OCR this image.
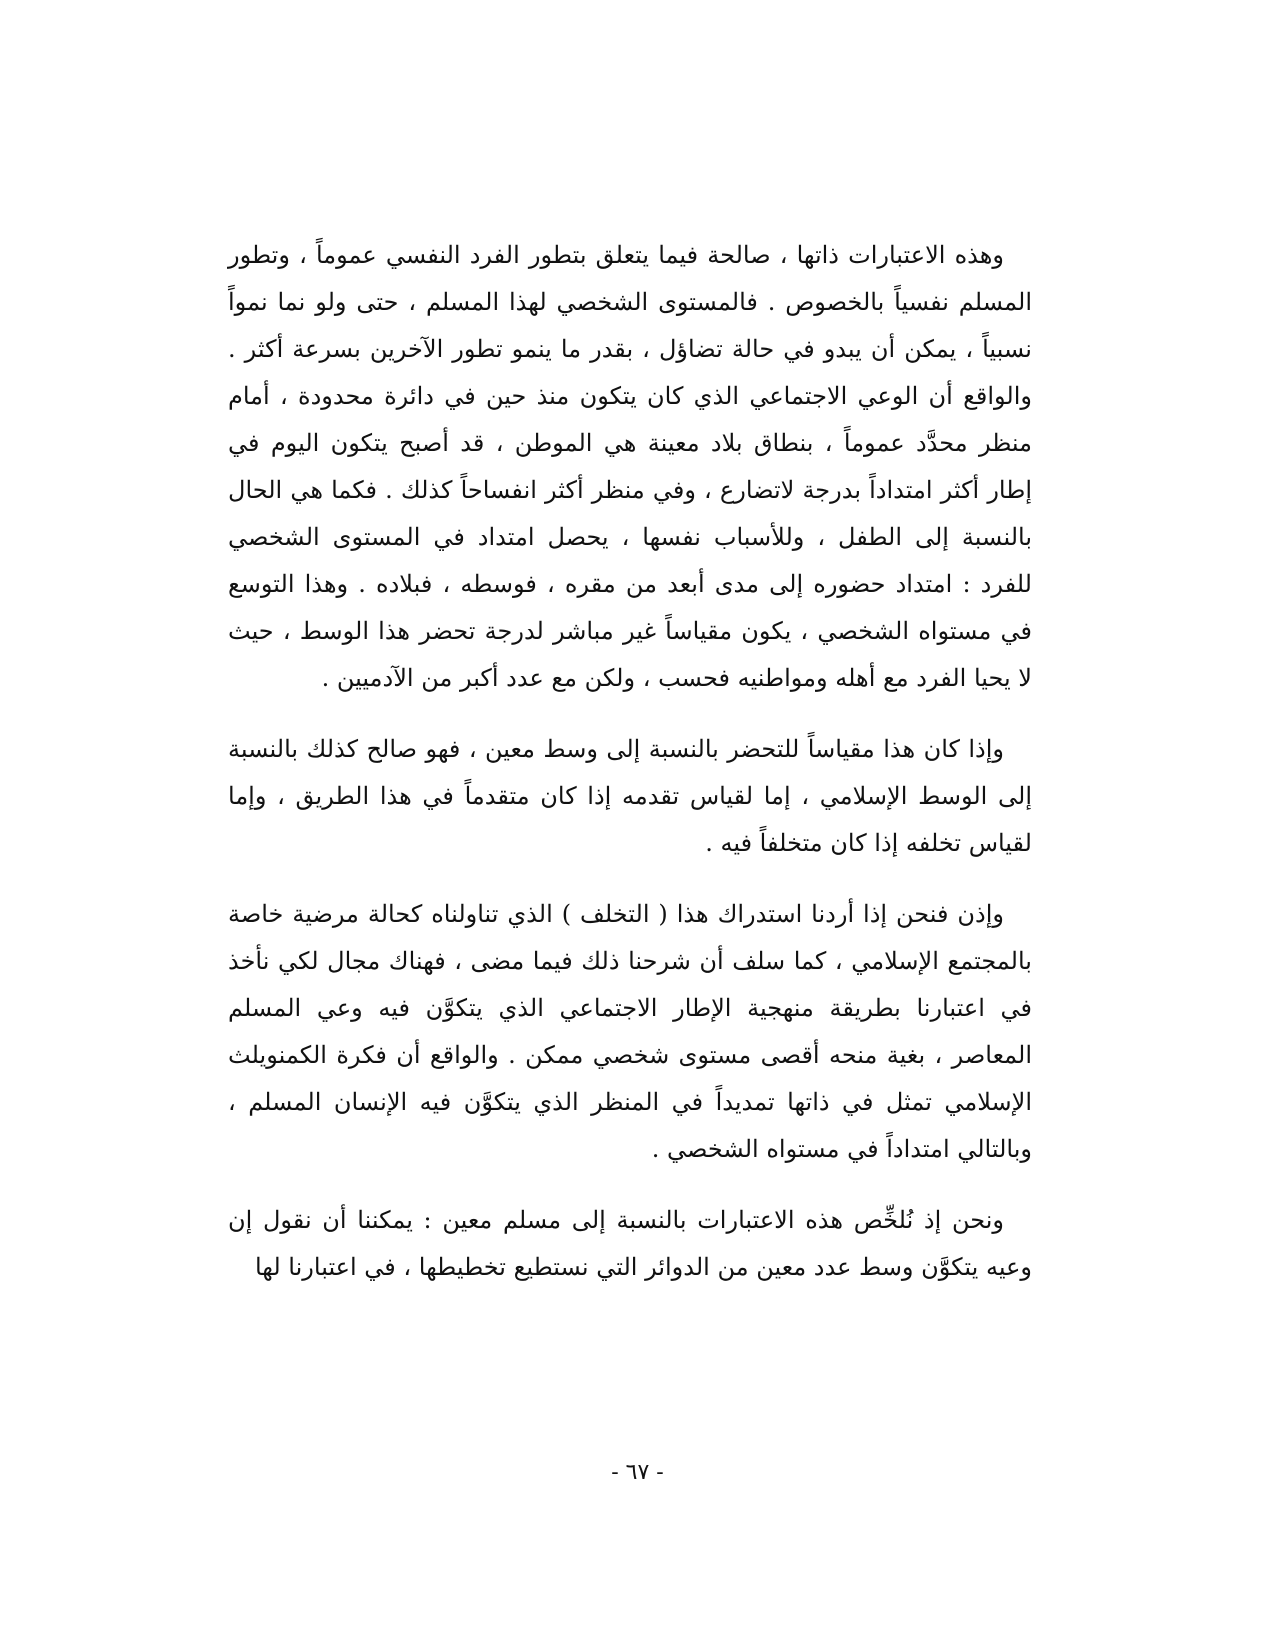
وهذه الاعتبارات ذاتها ، صالحة فيما يتعلق بتطور الفرد النفسي عموماً ، وتطور المسلم نفسياً بالخصوص . فالمستوى الشخصي لهذا المسلم ، حتى ولو نما نمواً نسبياً ، يمكن أن يبدو في حالة تضاؤل ، بقدر ما ينمو تطور الآخرين بسرعة أكثر . والواقع أن الوعي الاجتماعي الذي كان يتكون منذ حين في دائرة محدودة ، أمام منظر محدَّد عموماً ، بنطاق بلاد معينة هي الموطن ، قد أصبح يتكون اليوم في إطار أكثر امتداداً بدرجة لاتضارع ، وفي منظر أكثر انفساحاً كذلك . فكما هي الحال بالنسبة إلى الطفل ، وللأسباب نفسها ، يحصل امتداد في المستوى الشخصي للفرد : امتداد حضوره إلى مدى أبعد من مقره ، فوسطه ، فبلاده . وهذا التوسع في مستواه الشخصي ، يكون مقياساً غير مباشر لدرجة تحضر هذا الوسط ، حيث لا يحيا الفرد مع أهله ومواطنيه فحسب ، ولكن مع عدد أكبر من الآدميين .

وإذا كان هذا مقياساً للتحضر بالنسبة إلى وسط معين ، فهو صالح كذلك بالنسبة إلى الوسط الإسلامي ، إما لقياس تقدمه إذا كان متقدماً في هذا الطريق ، وإما لقياس تخلفه إذا كان متخلفاً فيه .

وإذن فنحن إذا أردنا استدراك هذا ( التخلف ) الذي تناولناه كحالة مرضية خاصة بالمجتمع الإسلامي ، كما سلف أن شرحنا ذلك فيما مضى ، فهناك مجال لكي نأخذ في اعتبارنا بطريقة منهجية الإطار الاجتماعي الذي يتكوَّن فيه وعي المسلم المعاصر ، بغية منحه أقصى مستوى شخصي ممكن . والواقع أن فكرة الكمنويلث الإسلامي تمثل في ذاتها تمديداً في المنظر الذي يتكوَّن فيه الإنسان المسلم ، وبالتالي امتداداً في مستواه الشخصي .

ونحن إذ نُلخِّص هذه الاعتبارات بالنسبة إلى مسلم معين : يمكننا أن نقول إن وعيه يتكوَّن وسط عدد معين من الدوائر التي نستطيع تخطيطها ، في اعتبارنا لها

- ٦٧ -
